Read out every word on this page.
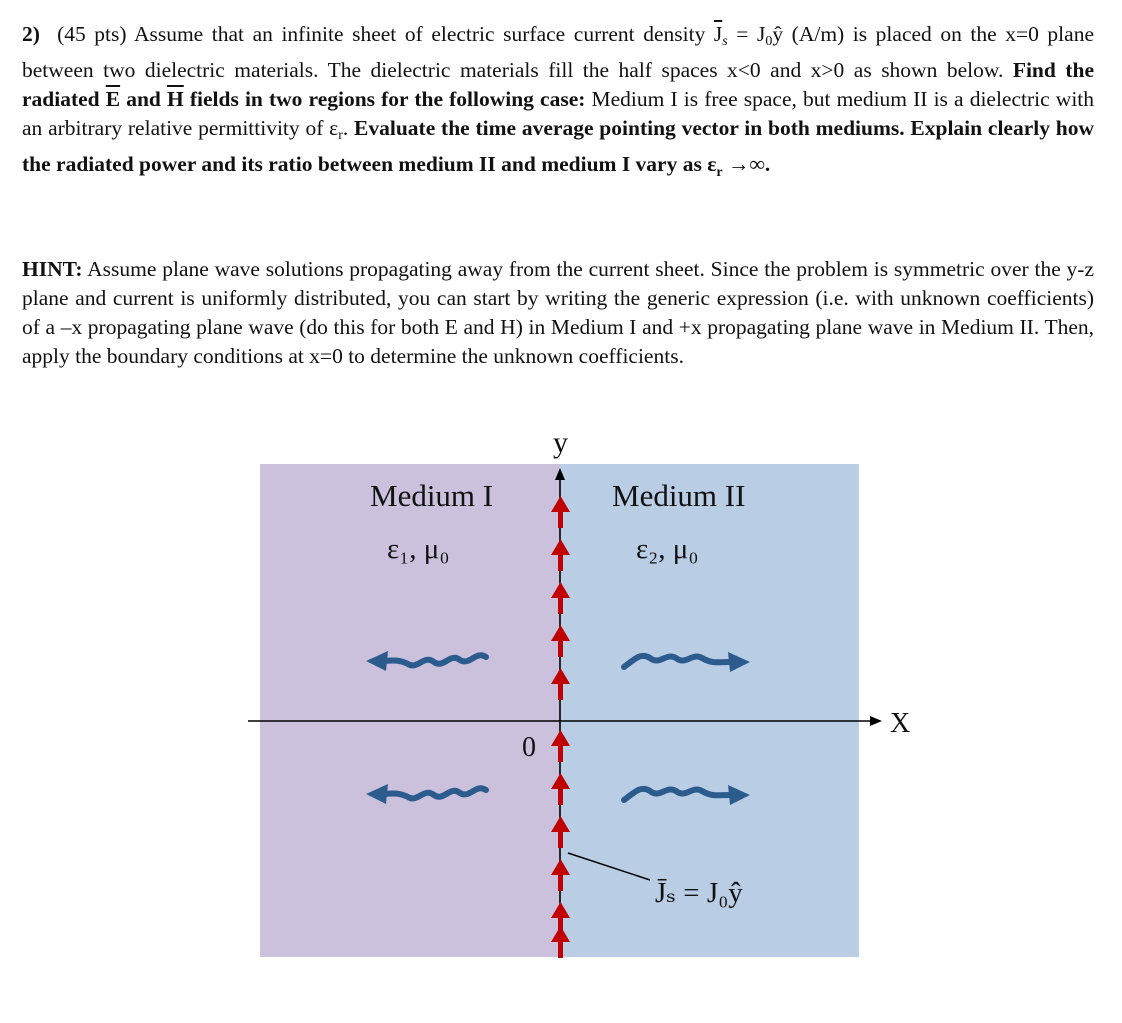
2) (45 pts) Assume that an infinite sheet of electric surface current density $\overline{J}_s$ = $J_0ŷ$ (A/m) is placed on the x=0 plane between two dielectric materials. The dielectric materials fill the half spaces x<0 and x>0 as shown below. Find the radiated $\overline{E}$ and $\overline{H}$ fields in two regions for the following case: Medium I is free space, but medium II is a dielectric with an arbitrary relative permittivity of $\varepsilon_r$. Evaluate the time average pointing vector in both mediums. Explain clearly how the radiated power and its ratio between medium II and medium I vary as $\varepsilon_r$ →∞.
HINT: Assume plane wave solutions propagating away from the current sheet. Since the problem is symmetric over the y-z plane and current is uniformly distributed, you can start by writing the generic expression (i.e. with unknown coefficients) of a –x propagating plane wave (do this for both E and H) in Medium I and +x propagating plane wave in Medium II. Then, apply the boundary conditions at x=0 to determine the unknown coefficients.
y
X
0
Medium I
ε₁, μ₀
Medium II
ε₂, μ₀
J̄ₛ = J₀ŷ
